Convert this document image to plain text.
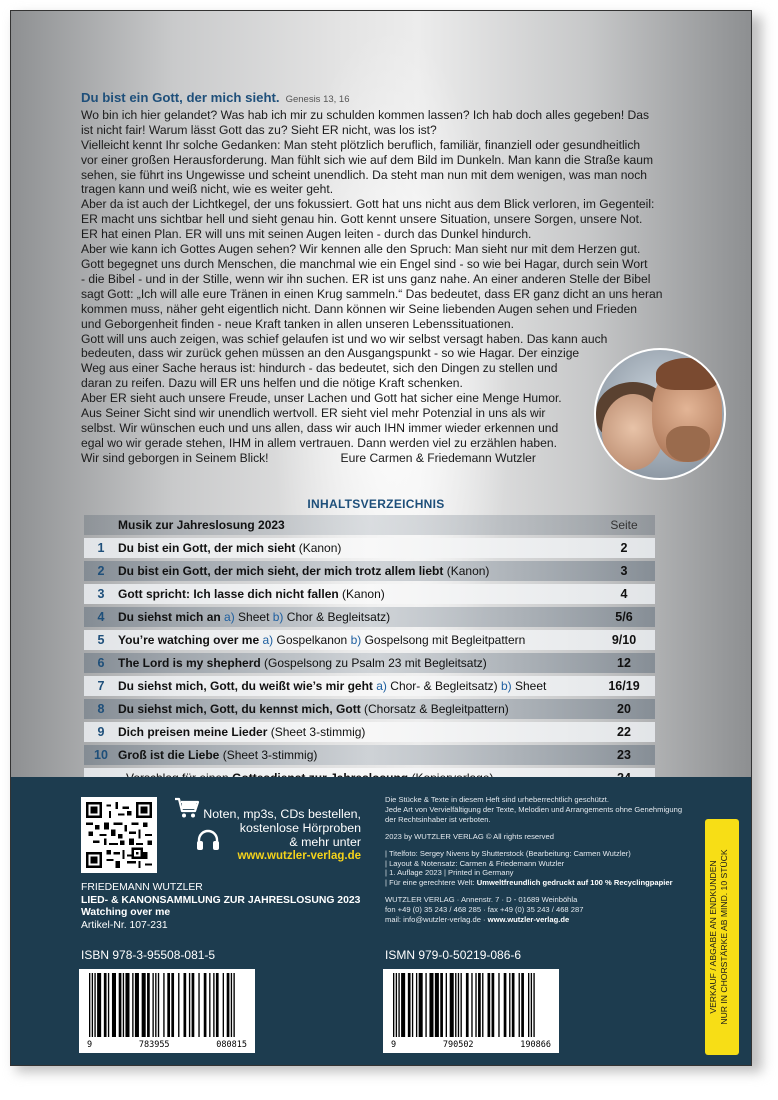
Du bist ein Gott, der mich sieht. Genesis 13, 16

Wo bin ich hier gelandet? Was hab ich mir zu schulden kommen lassen? Ich hab doch alles gegeben! Das

ist nicht fair! Warum lässt Gott das zu? Sieht ER nicht, was los ist?

Vielleicht kennt Ihr solche Gedanken: Man steht plötzlich beruflich, familiär, finanziell oder gesundheitlich

vor einer großen Herausforderung. Man fühlt sich wie auf dem Bild im Dunkeln. Man kann die Straße kaum

sehen, sie führt ins Ungewisse und scheint unendlich. Da steht man nun mit dem wenigen, was man noch

tragen kann und weiß nicht, wie es weiter geht.

Aber da ist auch der Lichtkegel, der uns fokussiert. Gott hat uns nicht aus dem Blick verloren, im Gegenteil:

ER macht uns sichtbar hell und sieht genau hin. Gott kennt unsere Situation, unsere Sorgen, unsere Not.

ER hat einen Plan. ER will uns mit seinen Augen leiten - durch das Dunkel hindurch.

Aber wie kann ich Gottes Augen sehen? Wir kennen alle den Spruch: Man sieht nur mit dem Herzen gut.

Gott begegnet uns durch Menschen, die manchmal wie ein Engel sind - so wie bei Hagar, durch sein Wort

- die Bibel - und in der Stille, wenn wir ihn suchen. ER ist uns ganz nahe. An einer anderen Stelle der Bibel

sagt Gott: „Ich will alle eure Tränen in einen Krug sammeln.“ Das bedeutet, dass ER ganz dicht an uns heran

kommen muss, näher geht eigentlich nicht. Dann können wir Seine liebenden Augen sehen und Frieden

und Geborgenheit finden - neue Kraft tanken in allen unseren Lebenssituationen.

Gott will uns auch zeigen, was schief gelaufen ist und wo wir selbst versagt haben. Das kann auch

bedeuten, dass wir zurück gehen müssen an den Ausgangspunkt - so wie Hagar. Der einzige

Weg aus einer Sache heraus ist: hindurch - das bedeutet, sich den Dingen zu stellen und

daran zu reifen. Dazu will ER uns helfen und die nötige Kraft schenken.

Aber ER sieht auch unsere Freude, unser Lachen und Gott hat sicher eine Menge Humor.

Aus Seiner Sicht sind wir unendlich wertvoll. ER sieht viel mehr Potenzial in uns als wir

selbst. Wir wünschen euch und uns allen, dass wir auch IHN immer wieder erkennen und

egal wo wir gerade stehen, IHM in allem vertrauen. Dann werden viel zu erzählen haben.

Wir sind geborgen in Seinem Blick!	Eure Carmen & Friedemann Wutzler

INHALTSVERZEICHNIS
Musik zur Jahreslosung 2023	Seite
1	Du bist ein Gott, der mich sieht (Kanon)	2
2	Du bist ein Gott, der mich sieht, der mich trotz allem liebt (Kanon)	3
3	Gott spricht: Ich lasse dich nicht fallen (Kanon)	4
4	Du siehst mich an a) Sheet b) Chor & Begleitsatz)	5/6
5	You’re watching over me a) Gospelkanon b) Gospelsong mit Begleitpattern	9/10
6	The Lord is my shepherd (Gospelsong zu Psalm 23 mit Begleitsatz)	12
7	Du siehst mich, Gott, du weißt wie’s mir geht a) Chor- & Begleitsatz) b) Sheet	16/19
8	Du siehst mich, Gott, du kennst mich, Gott (Chorsatz & Begleitpattern)	20
9	Dich preisen meine Lieder (Sheet 3-stimmig)	22
10 Groß ist die Liebe (Sheet 3-stimmig)	23
Noten, mp3s, CDs bestellen,
kostenlose Hörproben
& mehr unter
www.wutzler-verlag.de
FRIEDEMANN WUTZLER
LIED- & KANONSAMMLUNG ZUR JAHRESLOSUNG 2023
Watching over me
Artikel-Nr. 107-231
ISBN 978-3-95508-081-5
9	783955	080815
ISMN 979-0-50219-086-6
9	790502	190866
Die Stücke & Texte in diesem Heft sind urheberrechtlich geschützt.
Jede Art von Vervielfältigung der Texte, Melodien und Arrangements ohne Genehmigung
der Rechtsinhaber ist verboten.
2023 by WUTZLER VERLAG © All rights reserved
| Titelfoto: Sergey Nivens by Shutterstock (Bearbeitung: Carmen Wutzler)
| Layout & Notensatz: Carmen & Friedemann Wutzler
| 1. Auflage 2023 | Printed in Germany
| Für eine gerechtere Welt: Umweltfreundlich gedruckt auf 100 % Recyclingpapier
WUTZLER VERLAG · Annenstr. 7 · D - 01689 Weinböhla
fon +49 (0) 35 243 / 468 285 · fax +49 (0) 35 243 / 468 287
mail: info@wutzler-verlag.de · www.wutzler-verlag.de	VERKAUF / ABGABE AN ENDKUNDEN NUR IN CHORSTÄRKE AB MIND. 10 STÜCK
